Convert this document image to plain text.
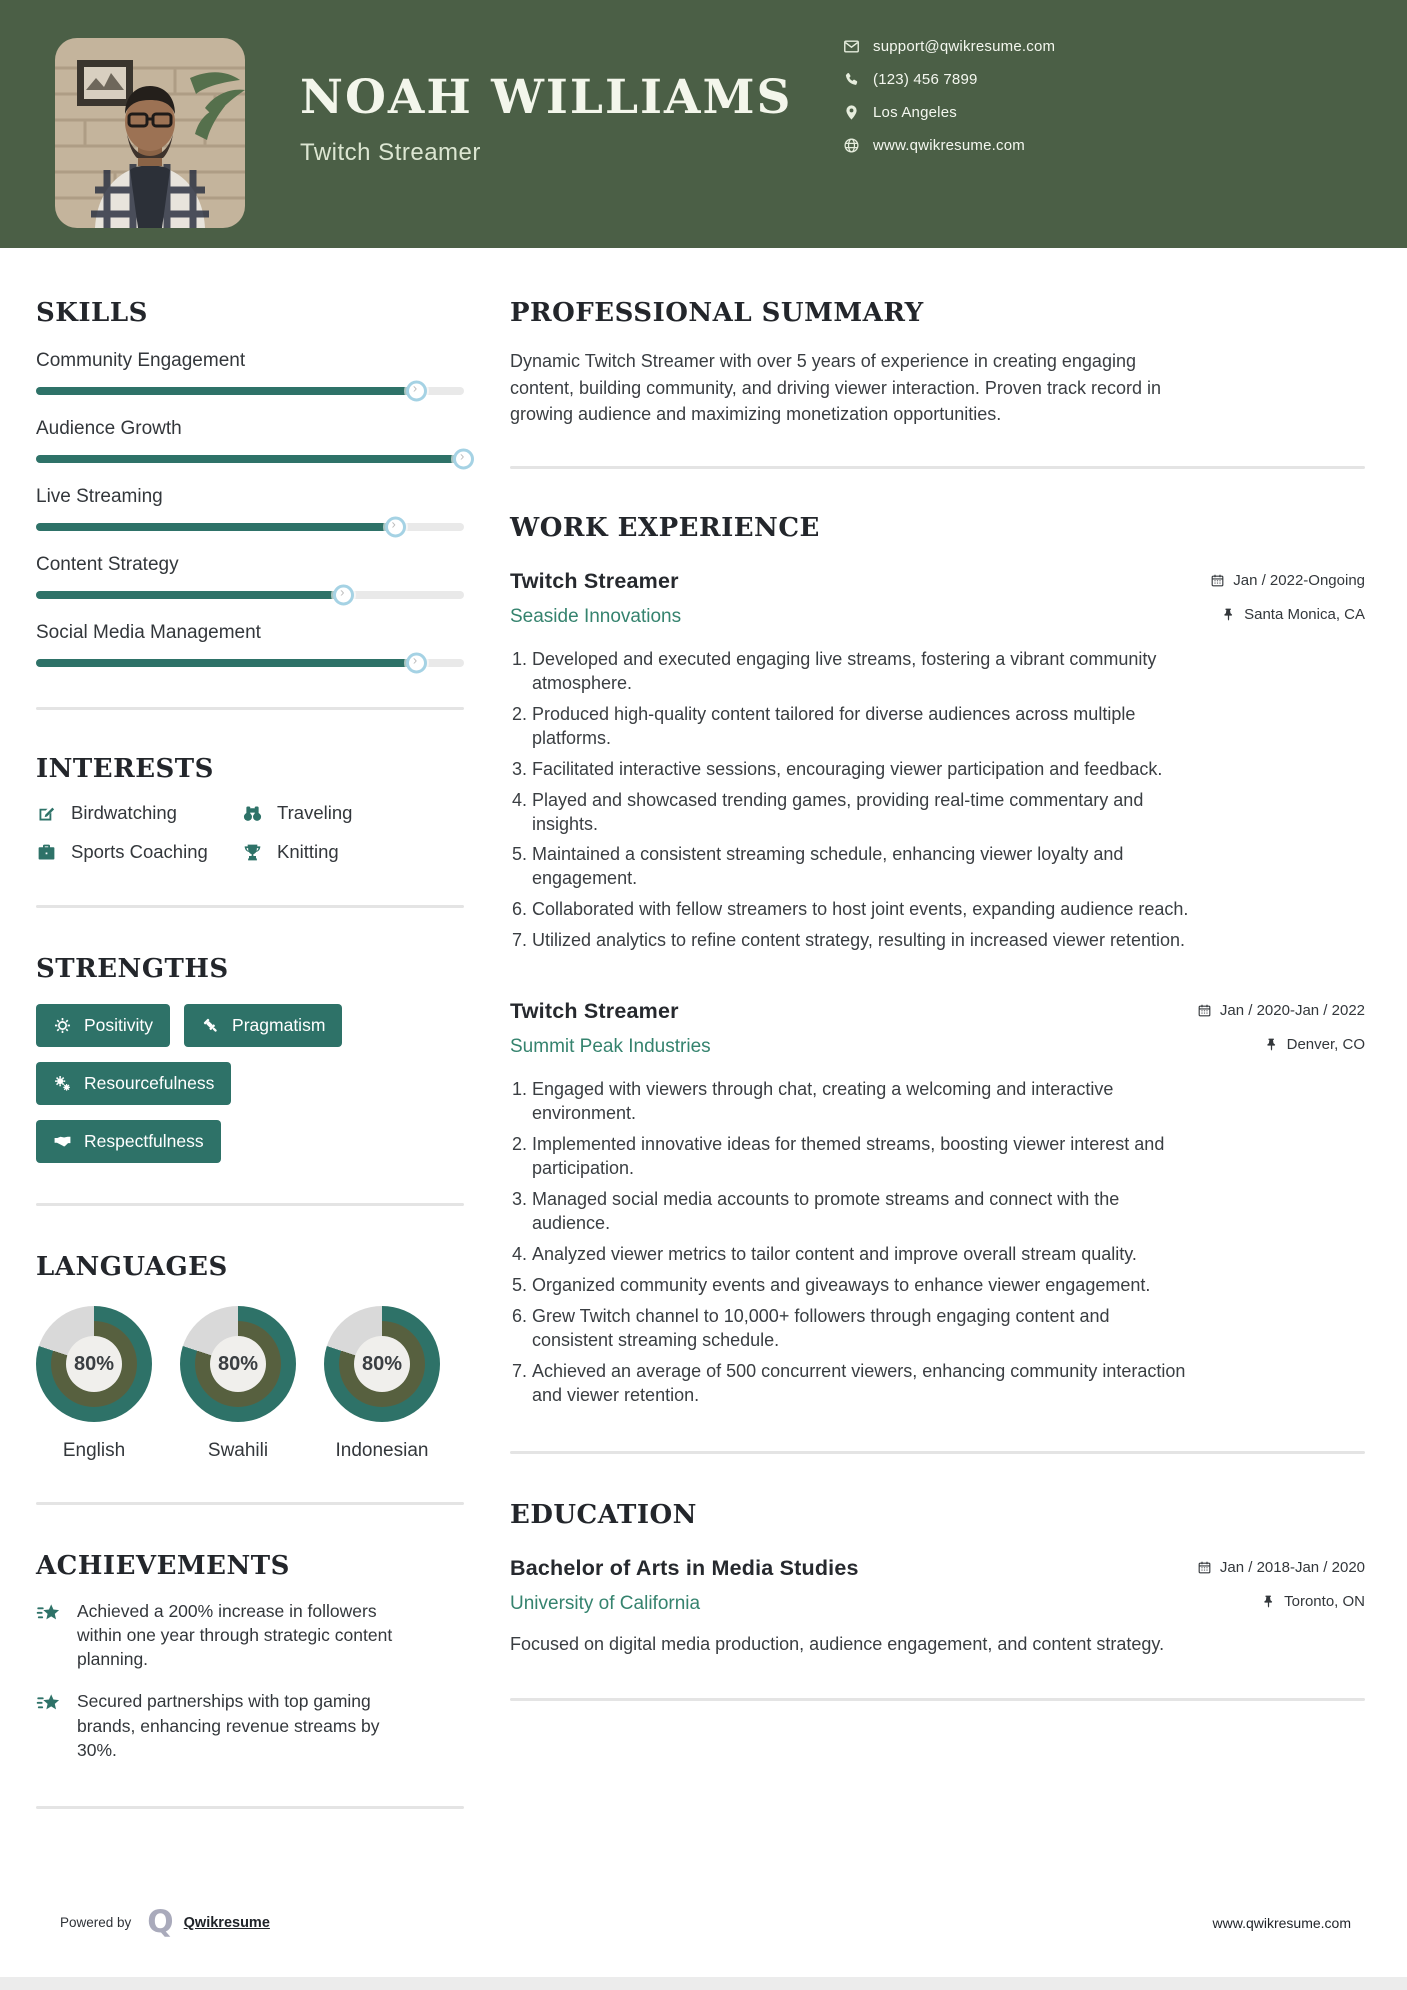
NOAH WILLIAMS
Twitch Streamer
support@qwikresume.com
(123) 456 7899
Los Angeles
www.qwikresume.com
SKILLS
Community Engagement
›
Audience Growth
›
Live Streaming
›
Content Strategy
›
Social Media Management
›
INTERESTS
Birdwatching	Traveling
Sports Coaching	Knitting
STRENGTHS
Positivity	Pragmatism
Resourcefulness
Respectfulness
LANGUAGES
80%
English
80%
Swahili
80%
Indonesian
ACHIEVEMENTS
Achieved a 200% increase in followers within one year through strategic content planning.
Secured partnerships with top gaming brands, enhancing revenue streams by 30%.
PROFESSIONAL SUMMARY

Dynamic Twitch Streamer with over 5 years of experience in creating engaging content, building community, and driving viewer interaction. Proven track record in growing audience and maximizing monetization opportunities.

WORK EXPERIENCE
Twitch Streamer	Jan / 2022-Ongoing
Seaside Innovations	Santa Monica, CA
1. Developed and executed engaging live streams, fostering a vibrant community atmosphere.
2. Produced high-quality content tailored for diverse audiences across multiple platforms.
3. Facilitated interactive sessions, encouraging viewer participation and feedback.
4. Played and showcased trending games, providing real-time commentary and insights.
5. Maintained a consistent streaming schedule, enhancing viewer loyalty and engagement.
6. Collaborated with fellow streamers to host joint events, expanding audience reach.
7. Utilized analytics to refine content strategy, resulting in increased viewer retention.
Twitch Streamer	Jan / 2020-Jan / 2022
Summit Peak Industries	Denver, CO
1. Engaged with viewers through chat, creating a welcoming and interactive environment.
2. Implemented innovative ideas for themed streams, boosting viewer interest and participation.
3. Managed social media accounts to promote streams and connect with the audience.
4. Analyzed viewer metrics to tailor content and improve overall stream quality.
5. Organized community events and giveaways to enhance viewer engagement.
6. Grew Twitch channel to 10,000+ followers through engaging content and consistent streaming schedule.
7. Achieved an average of 500 concurrent viewers, enhancing community interaction and viewer retention.
EDUCATION
Bachelor of Arts in Media Studies	Jan / 2018-Jan / 2020
University of California	Toronto, ON

Focused on digital media production, audience engagement, and content strategy.

Powered by Q Qwikresume	www.qwikresume.com
